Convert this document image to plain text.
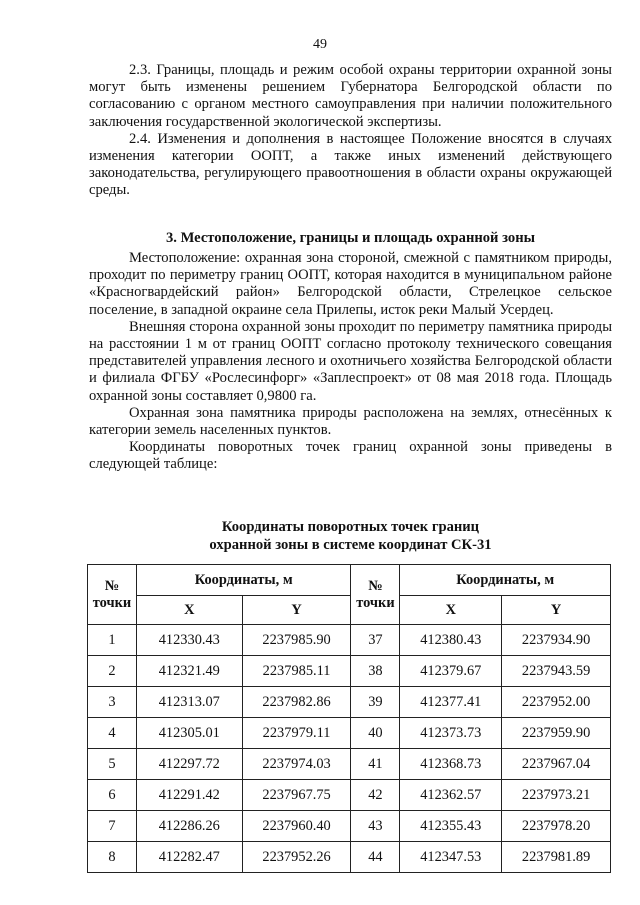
49

2.3. Границы, площадь и режим особой охраны территории охранной зоны могут быть изменены решением Губернатора Белгородской области по согласованию с органом местного самоуправления при наличии положительного заключения государственной экологической экспертизы.

2.4. Изменения и дополнения в настоящее Положение вносятся в случаях изменения категории ООПТ, а также иных изменений действующего законодательства, регулирующего правоотношения в области охраны окружающей среды.

3. Местоположение, границы и площадь охранной зоны

Местоположение: охранная зона стороной, смежной с памятником природы, проходит по периметру границ ООПТ, которая находится в муниципальном районе «Красногвардейский район» Белгородской области, Стрелецкое сельское поселение, в западной окраине села Прилепы, исток реки Малый Усердец.

Внешняя сторона охранной зоны проходит по периметру памятника природы на расстоянии 1 м от границ ООПТ согласно протоколу технического совещания представителей управления лесного и охотничьего хозяйства Белгородской области и филиала ФГБУ «Рослесинфорг» «Заплеспроект» от 08 мая 2018 года. Площадь охранной зоны составляет 0,9800 га.

Охранная зона памятника природы расположена на землях, отнесённых к категории земель населенных пунктов.

Координаты поворотных точек границ охранной зоны приведены в следующей таблице:

Координаты поворотных точек границ
охранной зоны в системе координат СК-31
№ точки	Координаты, м		№ точки	Координаты, м	
	X	Y		X	Y
1	412330.43	2237985.90	37	412380.43	2237934.90
2	412321.49	2237985.11	38	412379.67	2237943.59
3	412313.07	2237982.86	39	412377.41	2237952.00
4	412305.01	2237979.11	40	412373.73	2237959.90
5	412297.72	2237974.03	41	412368.73	2237967.04
6	412291.42	2237967.75	42	412362.57	2237973.21
7	412286.26	2237960.40	43	412355.43	2237978.20
8	412282.47	2237952.26	44	412347.53	2237981.89
